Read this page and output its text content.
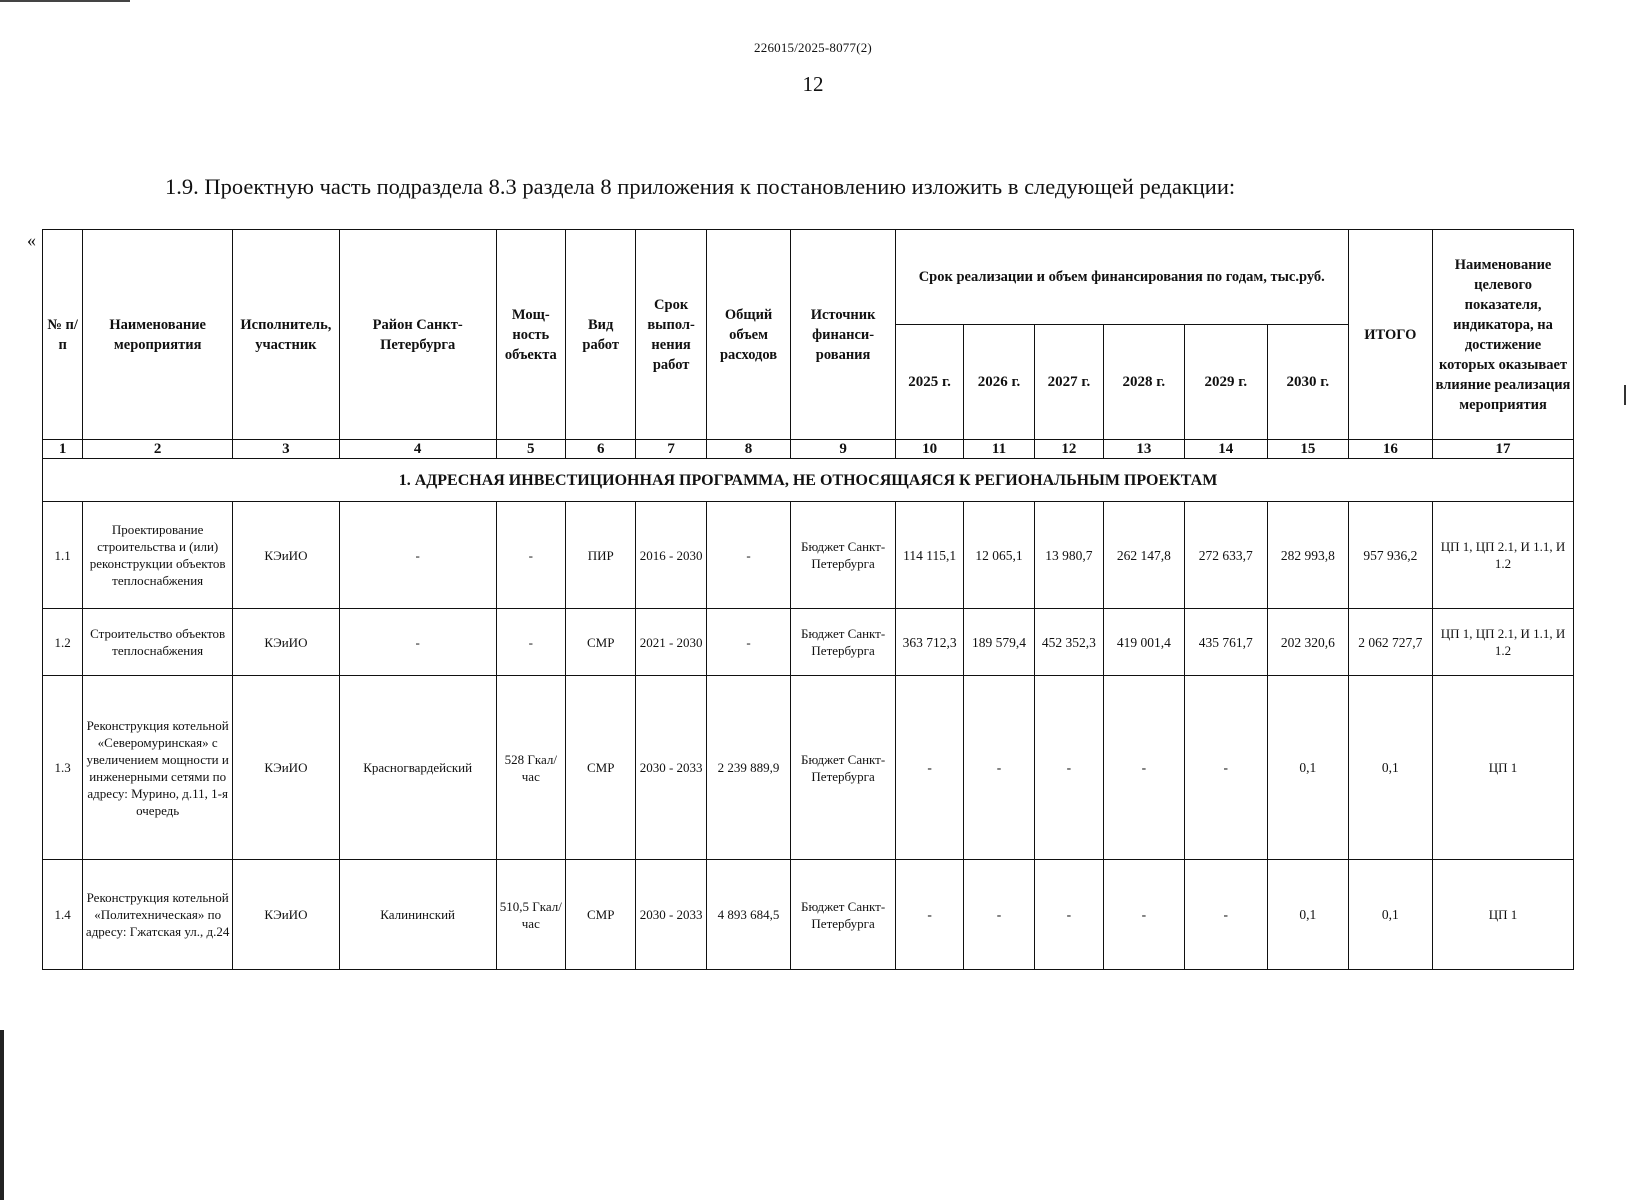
226015/2025-8077(2)
12
1.9. Проектную часть подраздела 8.3 раздела 8 приложения к постановлению изложить в следующей редакции:
«
№ п/п	Наименование мероприятия	Исполнитель, участник	Район Санкт-Петербурга	Мощ-ность объекта	Вид работ	Срок выпол-нения работ	Общий объем расходов	Источник финанси-рования	Срок реализации и объем финансирования по годам, тыс.руб.						ИТОГО	Наименование целевого показателя, индикатора, на достижение которых оказывает влияние реализация мероприятия
									2025 г.	2026 г.	2027 г.	2028 г.	2029 г.	2030 г.		
1	2	3	4	5	6	7	8	9	10	11	12	13	14	15	16	17
1. АДРЕСНАЯ ИНВЕСТИЦИОННАЯ ПРОГРАММА, НЕ ОТНОСЯЩАЯСЯ К РЕГИОНАЛЬНЫМ ПРОЕКТАМ																
1.1	Проектирование строительства и (или) реконструкции объектов теплоснабжения	КЭиИО	-	-	ПИР	2016 - 2030	-	Бюджет Санкт-Петербурга	114 115,1	12 065,1	13 980,7	262 147,8	272 633,7	282 993,8	957 936,2	ЦП 1, ЦП 2.1, И 1.1, И 1.2
1.2	Строительство объектов теплоснабжения	КЭиИО	-	-	СМР	2021 - 2030	-	Бюджет Санкт-Петербурга	363 712,3	189 579,4	452 352,3	419 001,4	435 761,7	202 320,6	2 062 727,7	ЦП 1, ЦП 2.1, И 1.1, И 1.2
1.3	Реконструкция котельной «Северомуринская» с увеличением мощности и инженерными сетями по адресу: Мурино, д.11, 1-я очередь	КЭиИО	Красногвардейский	528 Гкал/час	СМР	2030 - 2033	2 239 889,9	Бюджет Санкт-Петербурга	-	-	-	-	-	0,1	0,1	ЦП 1
1.4	Реконструкция котельной «Политехническая» по адресу: Гжатская ул., д.24	КЭиИО	Калининский	510,5 Гкал/час	СМР	2030 - 2033	4 893 684,5	Бюджет Санкт-Петербурга	-	-	-	-	-	0,1	0,1	ЦП 1
